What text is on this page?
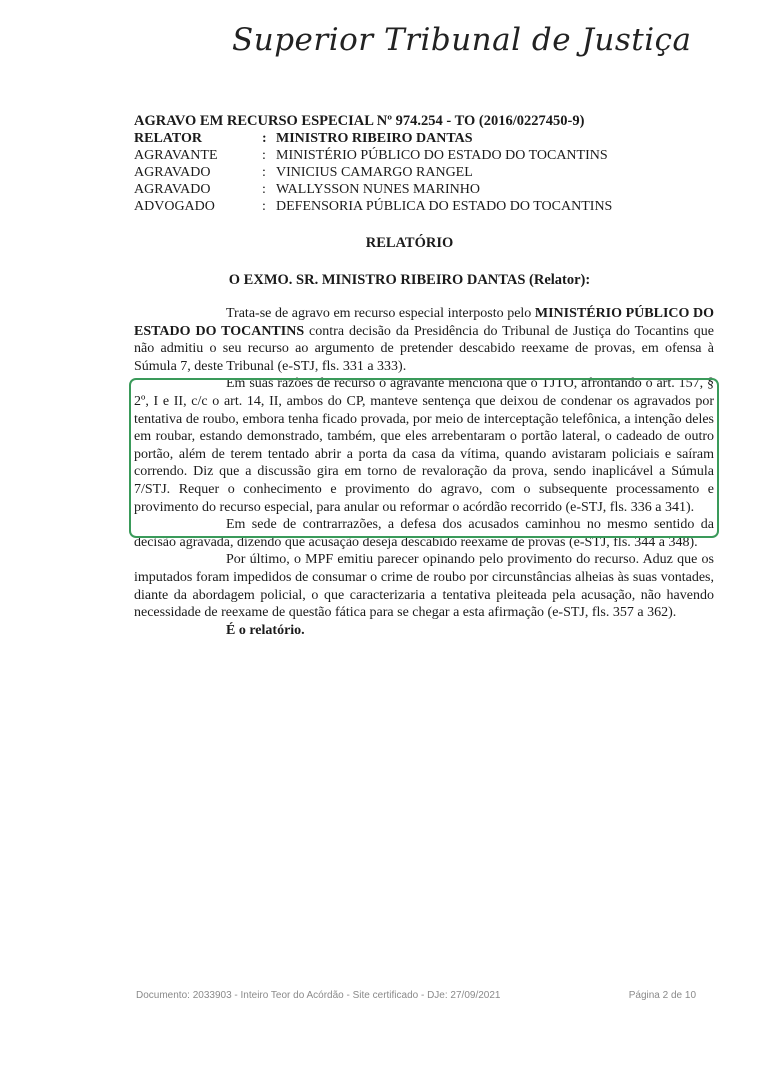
Superior Tribunal de Justiça
AGRAVO EM RECURSO ESPECIAL Nº 974.254 - TO (2016/0227450-9)
RELATOR	: MINISTRO RIBEIRO DANTAS
AGRAVANTE	: MINISTÉRIO PÚBLICO DO ESTADO DO TOCANTINS
AGRAVADO	: VINICIUS CAMARGO RANGEL
AGRAVADO	: WALLYSSON NUNES MARINHO
ADVOGADO	: DEFENSORIA PÚBLICA DO ESTADO DO TOCANTINS
RELATÓRIO
O EXMO. SR. MINISTRO RIBEIRO DANTAS (Relator):

Trata-se de agravo em recurso especial interposto pelo MINISTÉRIO PÚBLICO DO ESTADO DO TOCANTINS contra decisão da Presidência do Tribunal de Justiça do Tocantins que não admitiu o seu recurso ao argumento de pretender descabido reexame de provas, em ofensa à Súmula 7, deste Tribunal (e-STJ, fls. 331 a 333).

Em suas razões de recurso o agravante menciona que o TJTO, afrontando o art. 157, § 2º, I e II, c/c o art. 14, II, ambos do CP, manteve sentença que deixou de condenar os agravados por tentativa de roubo, embora tenha ficado provada, por meio de interceptação telefônica, a intenção deles em roubar, estando demonstrado, também, que eles arrebentaram o portão lateral, o cadeado de outro portão, além de terem tentado abrir a porta da casa da vítima, quando avistaram policiais e saíram correndo. Diz que a discussão gira em torno de revaloração da prova, sendo inaplicável a Súmula 7/STJ. Requer o conhecimento e provimento do agravo, com o subsequente processamento e provimento do recurso especial, para anular ou reformar o acórdão recorrido (e-STJ, fls. 336 a 341).

Em sede de contrarrazões, a defesa dos acusados caminhou no mesmo sentido da decisão agravada, dizendo que acusação deseja descabido reexame de provas (e-STJ, fls. 344 a 348).

Por último, o MPF emitiu parecer opinando pelo provimento do recurso. Aduz que os imputados foram impedidos de consumar o crime de roubo por circunstâncias alheias às suas vontades, diante da abordagem policial, o que caracterizaria a tentativa pleiteada pela acusação, não havendo necessidade de reexame de questão fática para se chegar a esta afirmação (e-STJ, fls. 357 a 362).

É o relatório.

Documento: 2033903 - Inteiro Teor do Acórdão - Site certificado - DJe: 27/09/2021	Página 2 de 10
